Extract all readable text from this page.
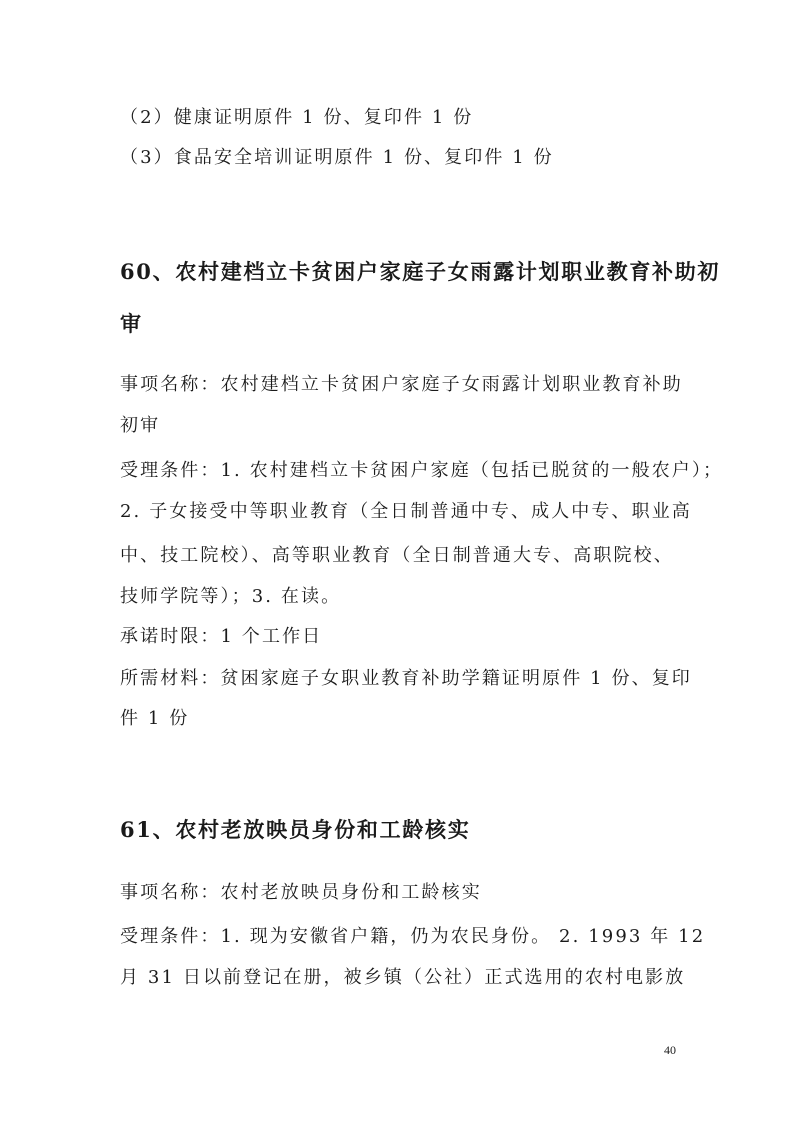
（2）健康证明原件 1 份、复印件 1 份
（3）食品安全培训证明原件 1 份、复印件 1 份
60、农村建档立卡贫困户家庭子女雨露计划职业教育补助初
审
事项名称：农村建档立卡贫困户家庭子女雨露计划职业教育补助
初审
受理条件：1. 农村建档立卡贫困户家庭（包括已脱贫的一般农户）；
2. 子女接受中等职业教育（全日制普通中专、成人中专、职业高
中、技工院校）、高等职业教育（全日制普通大专、高职院校、
技师学院等）；3. 在读。
承诺时限：1 个工作日
所需材料：贫困家庭子女职业教育补助学籍证明原件 1 份、复印
件 1 份
61、农村老放映员身份和工龄核实
事项名称：农村老放映员身份和工龄核实
受理条件：1. 现为安徽省户籍，仍为农民身份。 2. 1993 年 12
月 31 日以前登记在册，被乡镇（公社）正式选用的农村电影放
40
